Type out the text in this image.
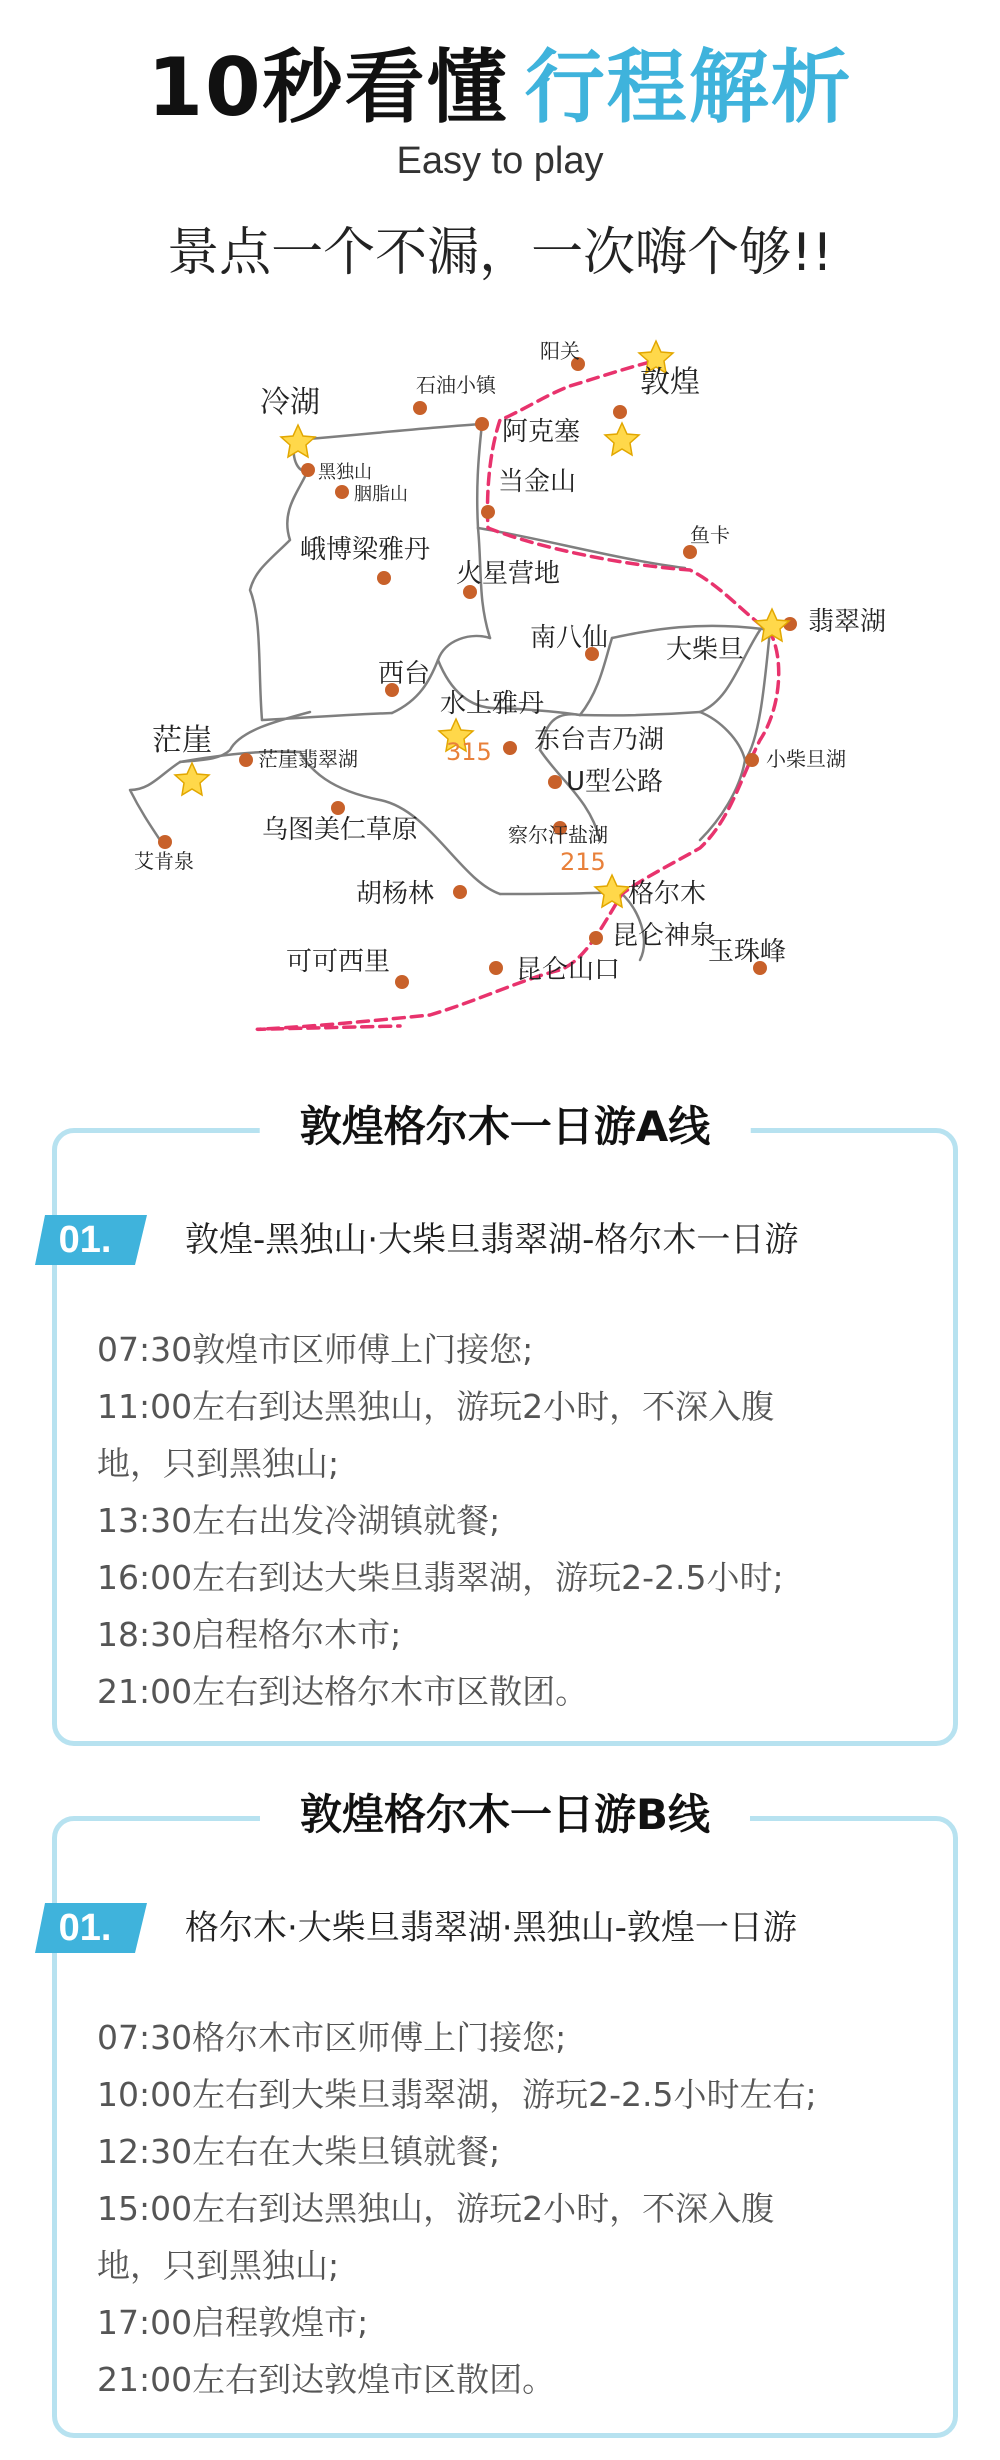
10秒看懂 行程解析
Easy to play
景点一个不漏，一次嗨个够!!
阳关
敦煌
石油小镇
冷湖
阿克塞
黑独山
胭脂山	当金山
鱼卡
峨博梁雅丹
火星营地
翡翠湖
南八仙 大柴旦
西台
水上雅丹
茫崖
茫崖翡翠湖
东台吉乃湖
小柴旦湖
U型公路
315
艾肯泉
乌图美仁草原	察尔汗盐湖
215
胡杨林	格尔木
昆仑神泉
玉珠峰
可可西里	昆仑山口
敦煌格尔木一日游A线
01.	敦煌-黑独山·大柴旦翡翠湖-格尔木一日游
07:30敦煌市区师傅上门接您;
11:00左右到达黑独山，游玩2小时，不深入腹
地，只到黑独山;
13:30左右出发冷湖镇就餐;
16:00左右到达大柴旦翡翠湖，游玩2-2.5小时;
18:30启程格尔木市;
21:00左右到达格尔木市区散团。
敦煌格尔木一日游B线
01.	格尔木·大柴旦翡翠湖·黑独山-敦煌一日游
07:30格尔木市区师傅上门接您;
10:00左右到大柴旦翡翠湖，游玩2-2.5小时左右;
12:30左右在大柴旦镇就餐;
15:00左右到达黑独山，游玩2小时，不深入腹
地，只到黑独山;
17:00启程敦煌市;
21:00左右到达敦煌市区散团。
